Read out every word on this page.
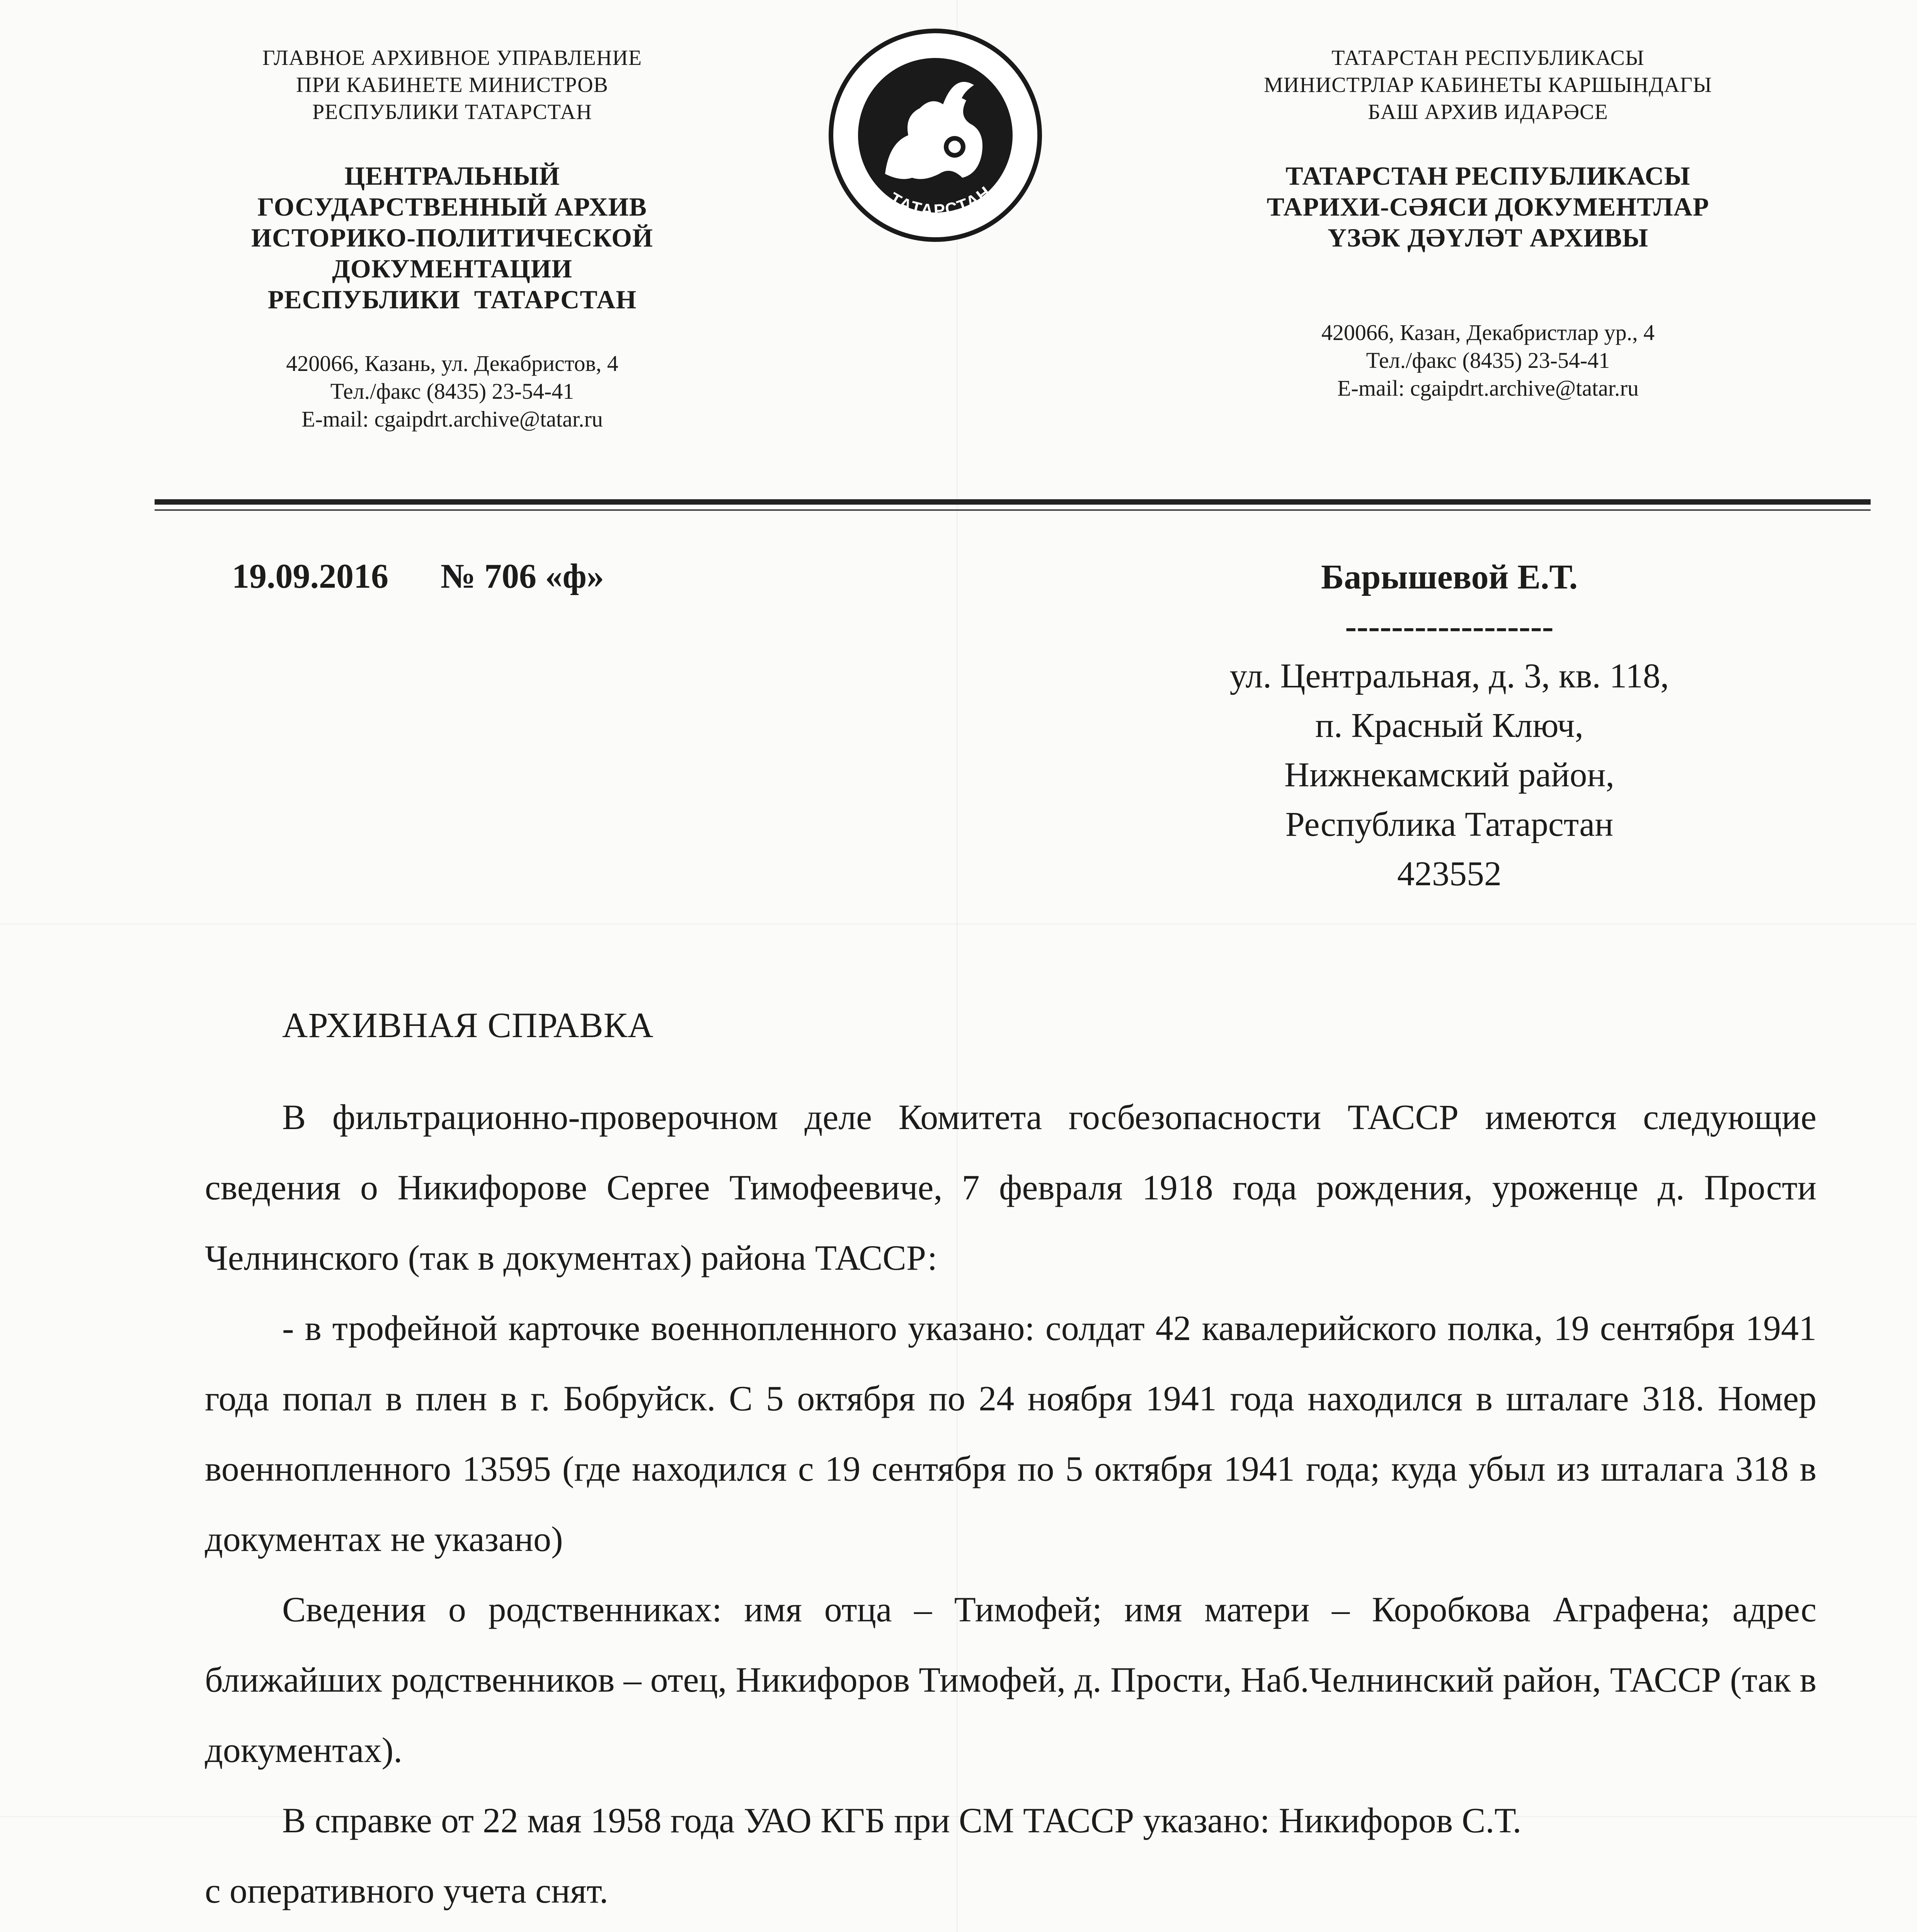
ГЛАВНОЕ АРХИВНОЕ УПРАВЛЕНИЕ
ПРИ КАБИНЕТЕ МИНИСТРОВ
РЕСПУБЛИКИ ТАТАРСТАН
ЦЕНТРАЛЬНЫЙ
ГОСУДАРСТВЕННЫЙ АРХИВ
ИСТОРИКО-ПОЛИТИЧЕСКОЙ
ДОКУМЕНТАЦИИ
РЕСПУБЛИКИ  ТАТАРСТАН
420066, Казань, ул. Декабристов, 4
Тел./факс (8435) 23-54-41
E-mail: cgaipdrt.archive@tatar.ru
ТАТАРСТАН
ТАТАРСТАН РЕСПУБЛИКАСЫ
МИНИСТРЛАР КАБИНЕТЫ КАРШЫНДАГЫ
БАШ АРХИВ ИДАРӘСЕ
ТАТАРСТАН РЕСПУБЛИКАСЫ
ТАРИХИ-СӘЯСИ ДОКУМЕНТЛАР
ҮЗӘК ДӘҮЛӘТ АРХИВЫ
420066, Казан, Декабристлар ур., 4
Тел./факс (8435) 23-54-41
E-mail: cgaipdrt.archive@tatar.ru
19.09.2016 № 706 «ф»	Барышевой Е.Т.
------------------
ул. Центральная, д. 3, кв. 118,
п. Красный Ключ,
Нижнекамский район,
Республика Татарстан
423552
АРХИВНАЯ СПРАВКА

В фильтрационно-проверочном деле Комитета госбезопасности ТАССР имеются следующие сведения о Никифорове Сергее Тимофеевиче, 7 февраля 1918 года рождения, уроженце д. Прости Челнинского (так в документах) района ТАССР:

- в трофейной карточке военнопленного указано: солдат 42 кавалерийского полка, 19 сентября 1941 года попал в плен в г. Бобруйск. С 5 октября по 24 ноября 1941 года находился в шталаге 318. Номер военнопленного 13595 (где находился с 19 сентября по 5 октября 1941 года; куда убыл из шталага 318 в документах не указано)

Сведения о родственниках: имя отца – Тимофей; имя матери – Коробкова Аграфена; адрес ближайших родственников – отец, Никифоров Тимофей, д. Прости, Наб.Челнинский район, ТАССР (так в документах).

В справке от 22 мая 1958 года УАО КГБ при СМ ТАССР указано: Никифоров С.Т.

с оперативного учета снят.
